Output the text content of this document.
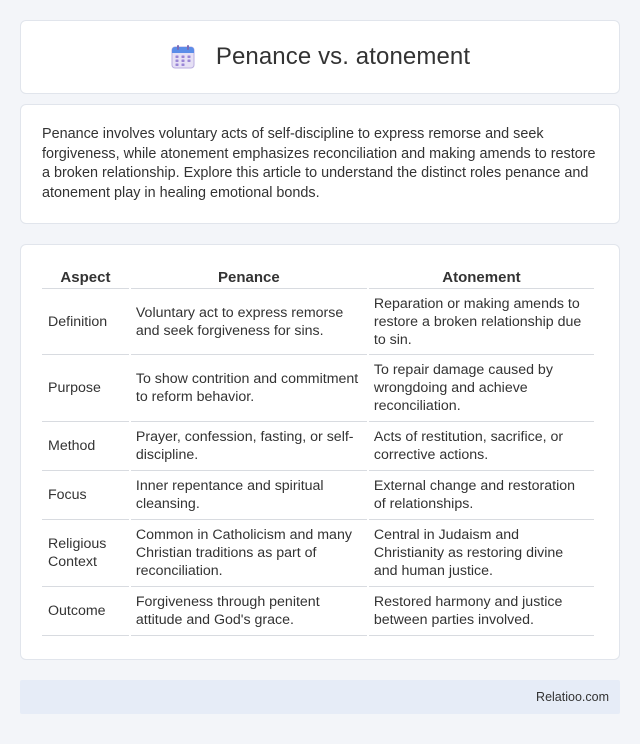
Penance vs. atonement

Penance involves voluntary acts of self-discipline to express remorse and seek forgiveness, while atonement emphasizes reconciliation and making amends to restore a broken relationship. Explore this article to understand the distinct roles penance and atonement play in healing emotional bonds.

Aspect	Penance	Atonement
Definition	Voluntary act to express remorse and seek forgiveness for sins.	Reparation or making amends to restore a broken relationship due to sin.
Purpose	To show contrition and commitment to reform behavior.	To repair damage caused by wrongdoing and achieve reconciliation.
Method	Prayer, confession, fasting, or self-discipline.	Acts of restitution, sacrifice, or corrective actions.
Focus	Inner repentance and spiritual cleansing.	External change and restoration of relationships.
Religious Context	Common in Catholicism and many Christian traditions as part of reconciliation.	Central in Judaism and Christianity as restoring divine and human justice.
Outcome	Forgiveness through penitent attitude and God's grace.	Restored harmony and justice between parties involved.
Relatioo.com
